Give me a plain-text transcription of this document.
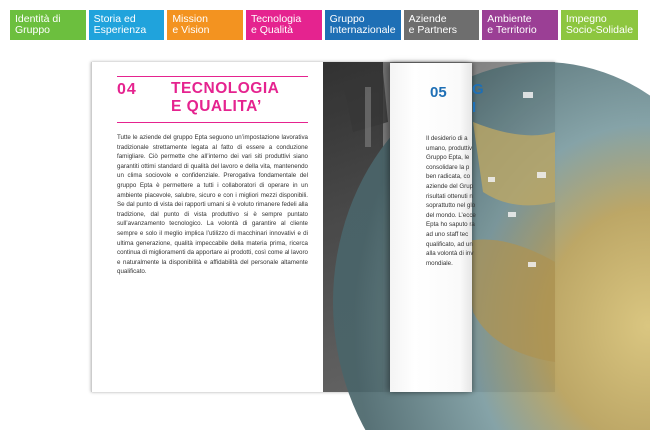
Identità di
Gruppo
Storia ed
Esperienza
Mission
e Vision
Tecnologia
e Qualità
Gruppo
Internazionale
Aziende
e Partners
Ambiente
e Territorio
Impegno
Socio-Solidale
04 TECNOLOGIA
E QUALITA’
Tutte le aziende del gruppo Epta seguono un’impostazione lavorativa tradizionale strettamente legata al fatto di essere a conduzione famigliare. Ciò permette che all’interno dei vari siti produttivi siano garantiti ottimi standard di qualità del lavoro e della vita, mantenendo un clima sociovole e confidenziale. Prerogativa fondamentale del gruppo Epta è permettere a tutti i collaboratori di operare in un ambiente piacevole, salubre, sicuro e con i migliori mezzi disponibili. Se dal punto di vista dei rapporti umani si è voluto rimanere fedeli alla tradizione, dal punto di vista produttivo si è sempre puntato sull’avanzamento tecnologico. La volontà di garantire al cliente sempre e solo il meglio implica l’utilizzo di macchinari innovativi e di ultima generazione, qualità impeccabile della materia prima, ricerca continua di miglioramenti da apportare ai prodotti, così come al lavoro e naturalmente la disponibilità e affidabilità del personale altamente qualificato.
05 G
I
Il desiderio di a
umano, produttiv
Gruppo Epta, le
consolidare la p
ben radicata, co
aziende del Grup
risultati ottenuti n
soprattutto nel glo
del mondo. L’ecce
Epta ho saputo ra
ad uno staff tec
qualificato, ad un
alla volontà di inv
mondiale.
